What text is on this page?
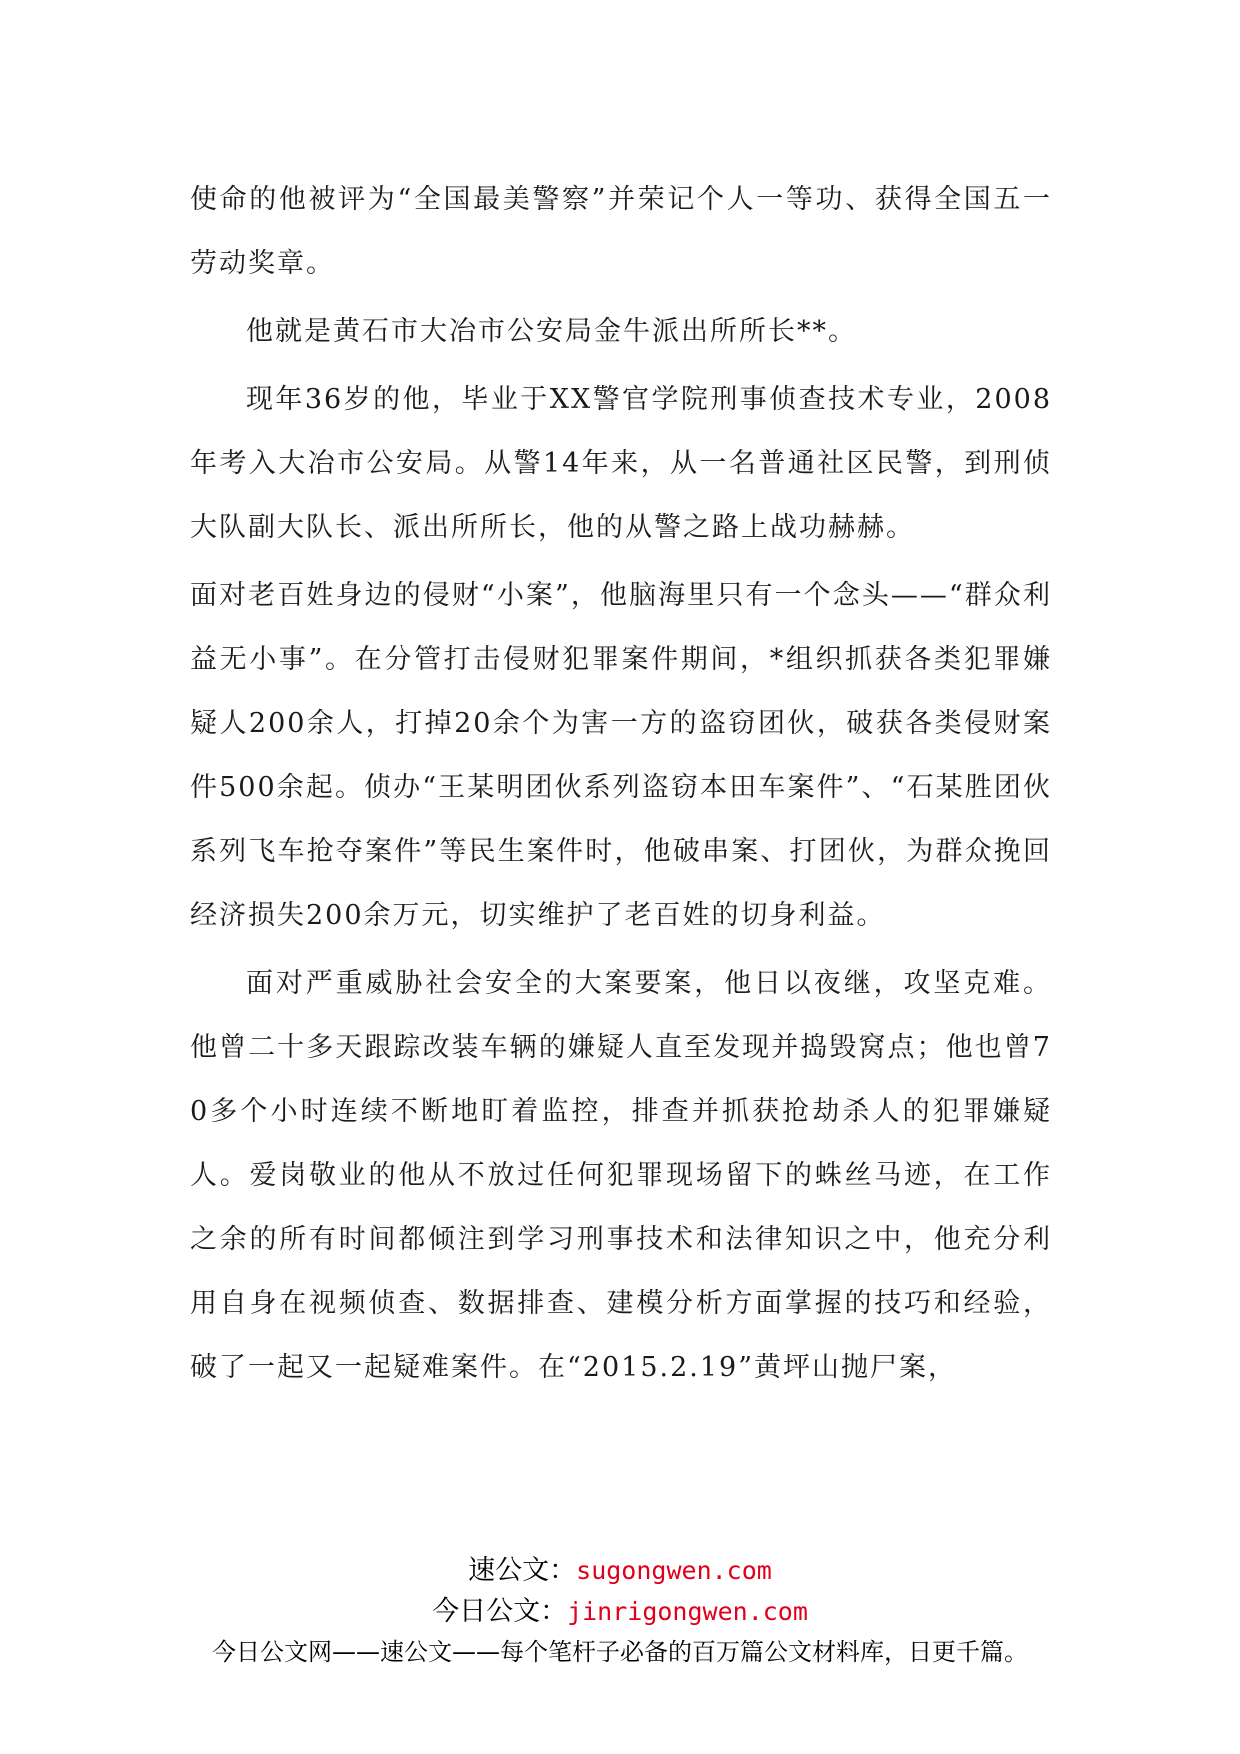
使命的他被评为“全国最美警察”并荣记个人一等功、获得全国五一劳动奖章。

他就是黄石市大冶市公安局金牛派出所所长**。

现年36岁的他，毕业于XX警官学院刑事侦查技术专业，2008年考入大冶市公安局。从警14年来，从一名普通社区民警，到刑侦大队副大队长、派出所所长，他的从警之路上战功赫赫。

面对老百姓身边的侵财“小案”，他脑海里只有一个念头——“群众利益无小事”。在分管打击侵财犯罪案件期间，*组织抓获各类犯罪嫌疑人200余人，打掉20余个为害一方的盗窃团伙，破获各类侵财案件500余起。侦办“王某明团伙系列盗窃本田车案件”、“石某胜团伙系列飞车抢夺案件”等民生案件时，他破串案、打团伙，为群众挽回经济损失200余万元，切实维护了老百姓的切身利益。

面对严重威胁社会安全的大案要案，他日以夜继，攻坚克难。他曾二十多天跟踪改装车辆的嫌疑人直至发现并捣毁窝点；他也曾70多个小时连续不断地盯着监控，排查并抓获抢劫杀人的犯罪嫌疑人。爱岗敬业的他从不放过任何犯罪现场留下的蛛丝马迹，在工作之余的所有时间都倾注到学习刑事技术和法律知识之中，他充分利用自身在视频侦查、数据排查、建模分析方面掌握的技巧和经验，破了一起又一起疑难案件。在“2015.2.19”黄坪山抛尸案，

速公文：sugongwen.com
今日公文：jinrigongwen.com
今日公文网——速公文——每个笔杆子必备的百万篇公文材料库，日更千篇。
